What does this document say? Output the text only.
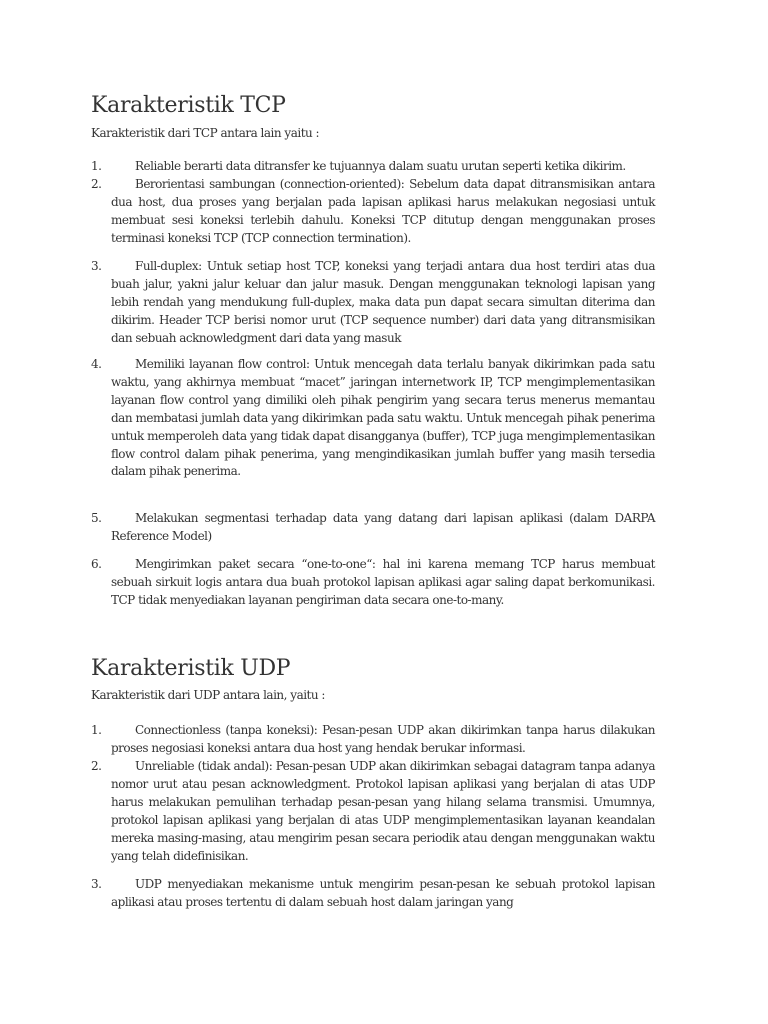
Karakteristik TCP

Karakteristik dari TCP antara lain yaitu :

1.	Reliable berarti data ditransfer ke tujuannya dalam suatu urutan seperti ketika dikirim.
2.	Berorientasi sambungan (connection-oriented): Sebelum data dapat ditransmisikan antara dua host, dua proses yang berjalan pada lapisan aplikasi harus melakukan negosiasi untuk membuat sesi koneksi terlebih dahulu. Koneksi TCP ditutup dengan menggunakan proses terminasi koneksi TCP (TCP connection termination).
3.	Full-duplex: Untuk setiap host TCP, koneksi yang terjadi antara dua host terdiri atas dua buah jalur, yakni jalur keluar dan jalur masuk. Dengan menggunakan teknologi lapisan yang lebih rendah yang mendukung full-duplex, maka data pun dapat secara simultan diterima dan dikirim. Header TCP berisi nomor urut (TCP sequence number) dari data yang ditransmisikan dan sebuah acknowledgment dari data yang masuk
4.	Memiliki layanan flow control: Untuk mencegah data terlalu banyak dikirimkan pada satu waktu, yang akhirnya membuat “macet” jaringan internetwork IP, TCP mengimplementasikan layanan flow control yang dimiliki oleh pihak pengirim yang secara terus menerus memantau dan membatasi jumlah data yang dikirimkan pada satu waktu. Untuk mencegah pihak penerima untuk memperoleh data yang tidak dapat disangganya (buffer), TCP juga mengimplementasikan flow control dalam pihak penerima, yang mengindikasikan jumlah buffer yang masih tersedia dalam pihak penerima.
5.	Melakukan segmentasi terhadap data yang datang dari lapisan aplikasi (dalam DARPA Reference Model)
6.	Mengirimkan paket secara “one-to-one“: hal ini karena memang TCP harus membuat sebuah sirkuit logis antara dua buah protokol lapisan aplikasi agar saling dapat berkomunikasi. TCP tidak menyediakan layanan pengiriman data secara one-to-many.
Karakteristik UDP

Karakteristik dari UDP antara lain, yaitu :

1.	Connectionless (tanpa koneksi): Pesan-pesan UDP akan dikirimkan tanpa harus dilakukan proses negosiasi koneksi antara dua host yang hendak berukar informasi.
2.	Unreliable (tidak andal): Pesan-pesan UDP akan dikirimkan sebagai datagram tanpa adanya nomor urut atau pesan acknowledgment. Protokol lapisan aplikasi yang berjalan di atas UDP harus melakukan pemulihan terhadap pesan-pesan yang hilang selama transmisi. Umumnya, protokol lapisan aplikasi yang berjalan di atas UDP mengimplementasikan layanan keandalan mereka masing-masing, atau mengirim pesan secara periodik atau dengan menggunakan waktu yang telah didefinisikan.
3.	UDP menyediakan mekanisme untuk mengirim pesan-pesan ke sebuah protokol lapisan aplikasi atau proses tertentu di dalam sebuah host dalam jaringan yang
